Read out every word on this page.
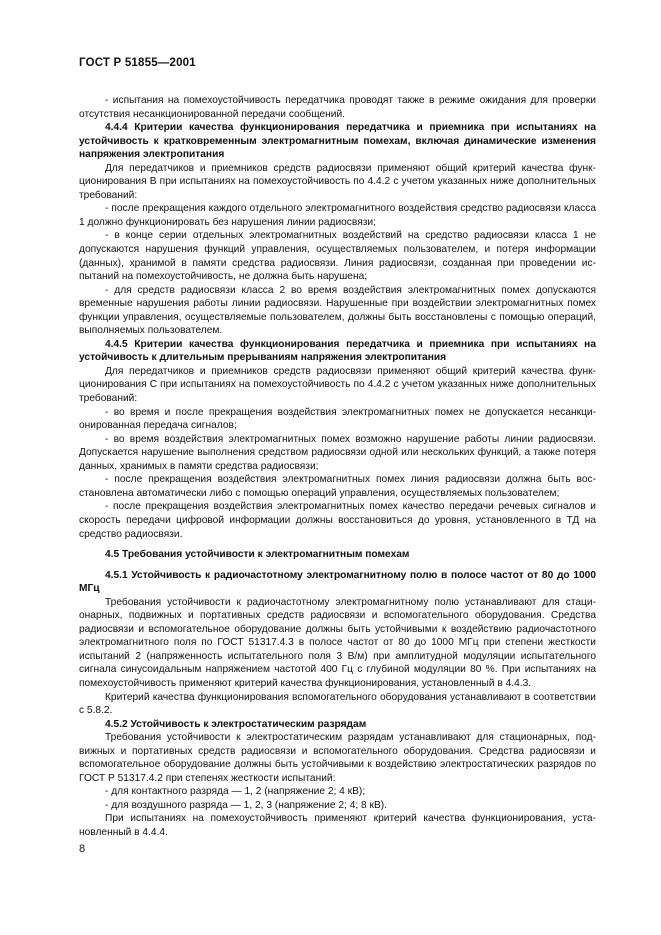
ГОСТ Р 51855—2001

- испытания на помехоустойчивость передатчика проводят также в режиме ожидания для проверки отсутствия несанкционированной передачи сообщений.

4.4.4 Критерии качества функционирования передатчика и приемника при испытаниях на устойчивость к кратковременным электромагнитным помехам, включая динамические изменения напряжения электропитания

Для передатчиков и приемников средств радиосвязи применяют общий критерий качества функционирования В при испытаниях на помехоустойчивость по 4.4.2 с учетом указанных ниже дополнительных требований:

- после прекращения каждого отдельного электромагнитного воздействия средство радиосвязи класса 1 должно функционировать без нарушения линии радиосвязи;

- в конце серии отдельных электромагнитных воздействий на средство радиосвязи класса 1 не допускаются нарушения функций управления, осуществляемых пользователем, и потеря информации (данных), хранимой в памяти средства радиосвязи. Линия радиосвязи, созданная при проведении испытаний на помехоустойчивость, не должна быть нарушена;

- для средств радиосвязи класса 2 во время воздействия электромагнитных помех допускаются временные нарушения работы линии радиосвязи. Нарушенные при воздействии электромагнитных помех функции управления, осуществляемые пользователем, должны быть восстановлены с помощью операций, выполняемых пользователем.

4.4.5 Критерии качества функционирования передатчика и приемника при испытаниях на устойчивость к длительным прерываниям напряжения электропитания

Для передатчиков и приемников средств радиосвязи применяют общий критерий качества функционирования С при испытаниях на помехоустойчивость по 4.4.2 с учетом указанных ниже дополнительных требований:

- во время и после прекращения воздействия электромагнитных помех не допускается несанкционированная передача сигналов;

- во время воздействия электромагнитных помех возможно нарушение работы линии радиосвязи. Допускается нарушение выполнения средством радиосвязи одной или нескольких функций, а также потеря данных, хранимых в памяти средства радиосвязи;

- после прекращения воздействия электромагнитных помех линия радиосвязи должна быть восстановлена автоматически либо с помощью операций управления, осуществляемых пользователем;

- после прекращения воздействия электромагнитных помех качество передачи речевых сигналов и скорость передачи цифровой информации должны восстановиться до уровня, установленного в ТД на средство радиосвязи.

4.5 Требования устойчивости к электромагнитным помехам

4.5.1 Устойчивость к радиочастотному электромагнитному полю в полосе частот от 80 до 1000 МГц

Требования устойчивости к радиочастотному электромагнитному полю устанавливают для стационарных, подвижных и портативных средств радиосвязи и вспомогательного оборудования. Средства радиосвязи и вспомогательное оборудование должны быть устойчивыми к воздействию радиочастотного электромагнитного поля по ГОСТ 51317.4.3 в полосе частот от 80 до 1000 МГц при степени жесткости испытаний 2 (напряженность испытательного поля 3 В/м) при амплитудной модуляции испытательного сигнала синусоидальным напряжением частотой 400 Гц с глубиной модуляции 80 %. При испытаниях на помехоустойчивость применяют критерий качества функционирования, установленный в 4.4.3.

Критерий качества функционирования вспомогательного оборудования устанавливают в соответствии с 5.8.2.

4.5.2 Устойчивость к электростатическим разрядам

Требования устойчивости к электростатическим разрядам устанавливают для стационарных, подвижных и портативных средств радиосвязи и вспомогательного оборудования. Средства радиосвязи и вспомогательное оборудование должны быть устойчивыми к воздействию электростатических разрядов по ГОСТ Р 51317.4.2 при степенях жесткости испытаний:

- для контактного разряда — 1, 2 (напряжение 2; 4 кВ);

- для воздушного разряда — 1, 2, 3 (напряжение 2; 4; 8 кВ).

При испытаниях на помехоустойчивость применяют критерий качества функционирования, установленный в 4.4.4.

8
